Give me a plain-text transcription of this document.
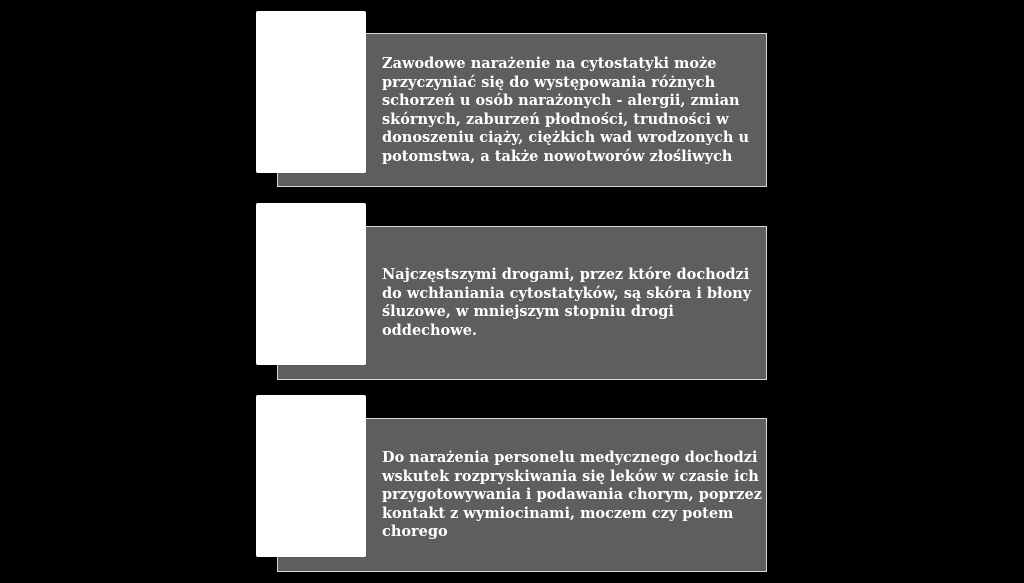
Zawodowe narażenie na cytostatyki może
przyczyniać się do występowania różnych
schorzeń u osób narażonych - alergii, zmian
skórnych, zaburzeń płodności, trudności w
donoszeniu ciąży, ciężkich wad wrodzonych u
potomstwa, a także nowotworów złośliwych
Najczęstszymi drogami, przez które dochodzi
do wchłaniania cytostatyków, są skóra i błony
śluzowe, w mniejszym stopniu drogi
oddechowe.
Do narażenia personelu medycznego dochodzi
wskutek rozpryskiwania się leków w czasie ich
przygotowywania i podawania chorym, poprzez
kontakt z wymiocinami, moczem czy potem
chorego
